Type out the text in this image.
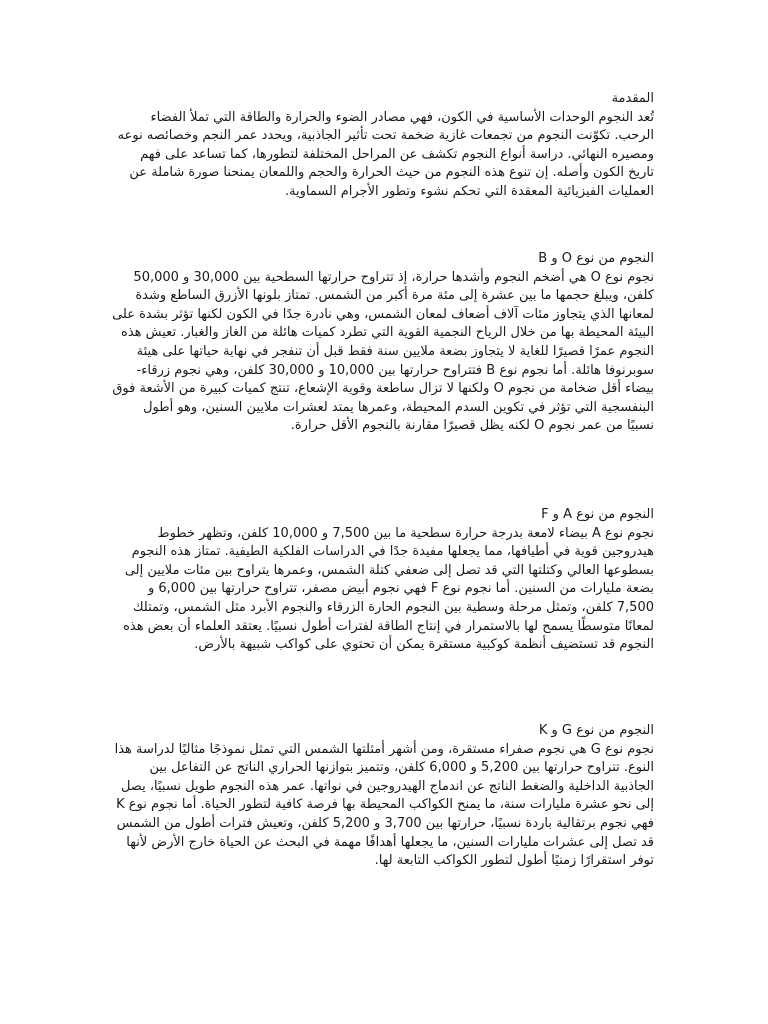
المقدمة

تُعد النجوم الوحدات الأساسية في الكون، فهي مصادر الضوء والحرارة والطاقة التي تملأ الفضاء الرحب. تكوّنت النجوم من تجمعات غازية ضخمة تحت تأثير الجاذبية، ويحدد عمر النجم وخصائصه نوعه ومصيره النهائي. دراسة أنواع النجوم تكشف عن المراحل المختلفة لتطورها، كما تساعد على فهم تاريخ الكون وأصله. إن تنوع هذه النجوم من حيث الحرارة والحجم واللمعان يمنحنا صورة شاملة عن العمليات الفيزيائية المعقدة التي تحكم نشوء وتطور الأجرام السماوية.

النجوم من نوع O و B

نجوم نوع O هي أضخم النجوم وأشدها حرارة، إذ تتراوح حرارتها السطحية بين 30,000 و 50,000 كلفن، ويبلغ حجمها ما بين عشرة إلى مئة مرة أكبر من الشمس. تمتاز بلونها الأزرق الساطع وشدة لمعانها الذي يتجاوز مئات آلاف أضعاف لمعان الشمس، وهي نادرة جدًا في الكون لكنها تؤثر بشدة على البيئة المحيطة بها من خلال الرياح النجمية القوية التي تطرد كميات هائلة من الغاز والغبار. تعيش هذه النجوم عمرًا قصيرًا للغاية لا يتجاوز بضعة ملايين سنة فقط قبل أن تنفجر في نهاية حياتها على هيئة سوبرنوفا هائلة. أما نجوم نوع B فتتراوح حرارتها بين 10,000 و 30,000 كلفن، وهي نجوم زرقاء-بيضاء أقل ضخامة من نجوم O ولكنها لا تزال ساطعة وقوية الإشعاع، تنتج كميات كبيرة من الأشعة فوق البنفسجية التي تؤثر في تكوين السدم المحيطة، وعمرها يمتد لعشرات ملايين السنين، وهو أطول نسبيًا من عمر نجوم O لكنه يظل قصيرًا مقارنة بالنجوم الأقل حرارة.

النجوم من نوع A و F

نجوم نوع A بيضاء لامعة بدرجة حرارة سطحية ما بين 7,500 و 10,000 كلفن، وتظهر خطوط هيدروجين قوية في أطيافها، مما يجعلها مفيدة جدًا في الدراسات الفلكية الطيفية. تمتاز هذه النجوم بسطوعها العالي وكتلتها التي قد تصل إلى ضعفي كتلة الشمس، وعمرها يتراوح بين مئات ملايين إلى بضعة مليارات من السنين. أما نجوم نوع F فهي نجوم أبيض مصفر، تتراوح حرارتها بين 6,000 و 7,500 كلفن، وتمثل مرحلة وسطية بين النجوم الحارة الزرقاء والنجوم الأبرد مثل الشمس، وتمتلك لمعانًا متوسطًا يسمح لها بالاستمرار في إنتاج الطاقة لفترات أطول نسبيًا. يعتقد العلماء أن بعض هذه النجوم قد تستضيف أنظمة كوكبية مستقرة يمكن أن تحتوي على كواكب شبيهة بالأرض.

النجوم من نوع G و K

نجوم نوع G هي نجوم صفراء مستقرة، ومن أشهر أمثلتها الشمس التي تمثل نموذجًا مثاليًا لدراسة هذا النوع. تتراوح حرارتها بين 5,200 و 6,000 كلفن، وتتميز بتوازنها الحراري الناتج عن التفاعل بين الجاذبية الداخلية والضغط الناتج عن اندماج الهيدروجين في نواتها. عمر هذه النجوم طويل نسبيًا، يصل إلى نحو عشرة مليارات سنة، ما يمنح الكواكب المحيطة بها فرصة كافية لتطور الحياة. أما نجوم نوع K فهي نجوم برتقالية باردة نسبيًا، حرارتها بين 3,700 و 5,200 كلفن، وتعيش فترات أطول من الشمس قد تصل إلى عشرات مليارات السنين، ما يجعلها أهدافًا مهمة في البحث عن الحياة خارج الأرض لأنها توفر استقرارًا زمنيًا أطول لتطور الكواكب التابعة لها.
